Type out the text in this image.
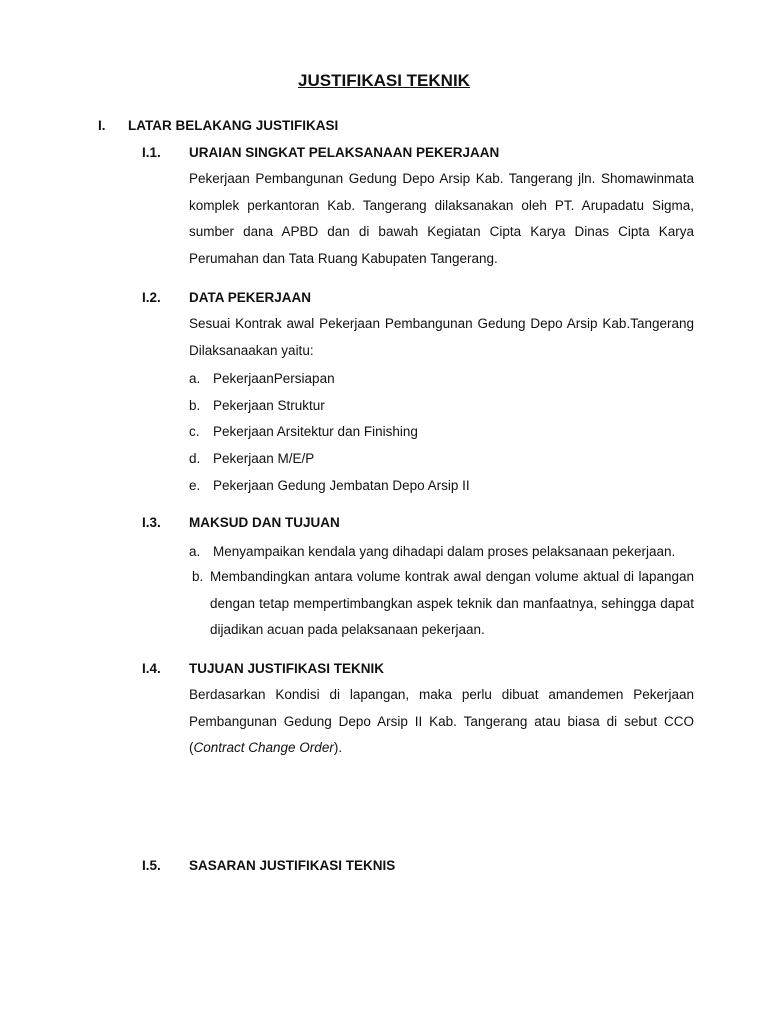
JUSTIFIKASI TEKNIK
I. LATAR BELAKANG JUSTIFIKASI
I.1. URAIAN SINGKAT PELAKSANAAN PEKERJAAN
Pekerjaan Pembangunan Gedung Depo Arsip Kab. Tangerang jln. Shomawinmata komplek perkantoran Kab. Tangerang dilaksanakan oleh PT. Arupadatu Sigma, sumber dana APBD dan di bawah Kegiatan Cipta Karya Dinas Cipta Karya Perumahan dan Tata Ruang Kabupaten Tangerang.
I.2. DATA PEKERJAAN
Sesuai Kontrak awal Pekerjaan Pembangunan Gedung Depo Arsip Kab.Tangerang Dilaksanaakan yaitu:
a. PekerjaanPersiapan
b. Pekerjaan Struktur
c. Pekerjaan Arsitektur dan Finishing
d. Pekerjaan M/E/P
e. Pekerjaan Gedung Jembatan Depo Arsip II
I.3. MAKSUD DAN TUJUAN
a. Menyampaikan kendala yang dihadapi dalam proses pelaksanaan pekerjaan.
b. Membandingkan antara volume kontrak awal dengan volume aktual di lapangan dengan tetap mempertimbangkan aspek teknik dan manfaatnya, sehingga dapat dijadikan acuan pada pelaksanaan pekerjaan.
I.4. TUJUAN JUSTIFIKASI TEKNIK
Berdasarkan Kondisi di lapangan, maka perlu dibuat amandemen Pekerjaan Pembangunan Gedung Depo Arsip II Kab. Tangerang atau biasa di sebut CCO (Contract Change Order).
I.5. SASARAN JUSTIFIKASI TEKNIS
